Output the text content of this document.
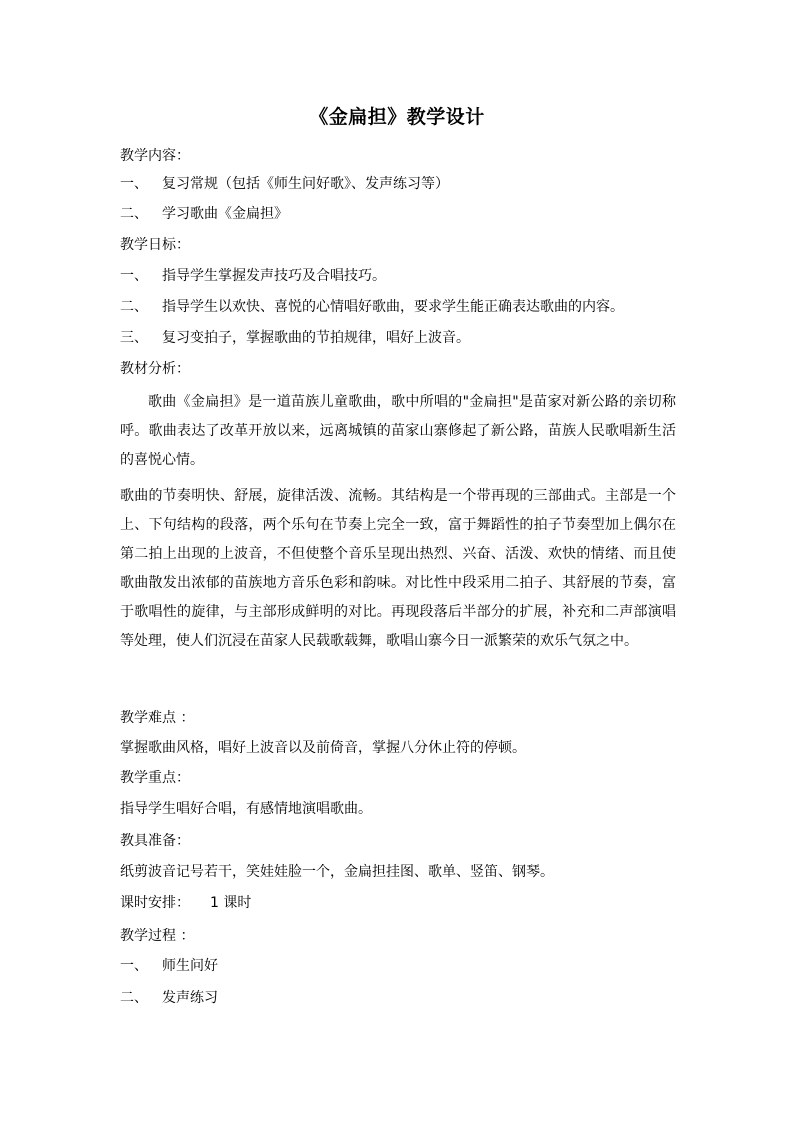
《金扁担》教学设计
教学内容：
一、 复习常规（包括《师生问好歌》、发声练习等）
二、 学习歌曲《金扁担》
教学日标：
一、 指导学生掌握发声技巧及合唱技巧。
二、 指导学生以欢快、喜悦的心情唱好歌曲，要求学生能正确表达歌曲的内容。
三、 复习变拍子，掌握歌曲的节拍规律，唱好上波音。
教材分析：
歌曲《金扁担》是一道苗族儿童歌曲，歌中所唱的"金扁担"是苗家对新公路的亲切称呼。歌曲表达了改革开放以来，远离城镇的苗家山寨修起了新公路，苗族人民歌唱新生活的喜悦心情。
歌曲的节奏明快、舒展，旋律活泼、流畅。其结构是一个带再现的三部曲式。主部是一个上、下句结构的段落，两个乐句在节奏上完全一致，富于舞蹈性的拍子节奏型加上偶尔在第二拍上出现的上波音，不但使整个音乐呈现出热烈、兴奋、活泼、欢快的情绪、而且使歌曲散发出浓郁的苗族地方音乐色彩和韵味。对比性中段采用二拍子、其舒展的节奏，富于歌唱性的旋律，与主部形成鲜明的对比。再现段落后半部分的扩展，补充和二声部演唱等处理，使人们沉浸在苗家人民载歌载舞，歌唱山寨今日一派繁荣的欢乐气氛之中。
教学难点 ：
掌握歌曲风格，唱好上波音以及前倚音，掌握八分休止符的停顿。
教学重点：
指导学生唱好合唱，有感情地演唱歌曲。
教具准备：
纸剪波音记号若干，笑娃娃脸一个，金扁担挂图、歌单、竖笛、钢琴。
课时安排： 1 课时
教学过程 ：
一、 师生问好
二、 发声练习
